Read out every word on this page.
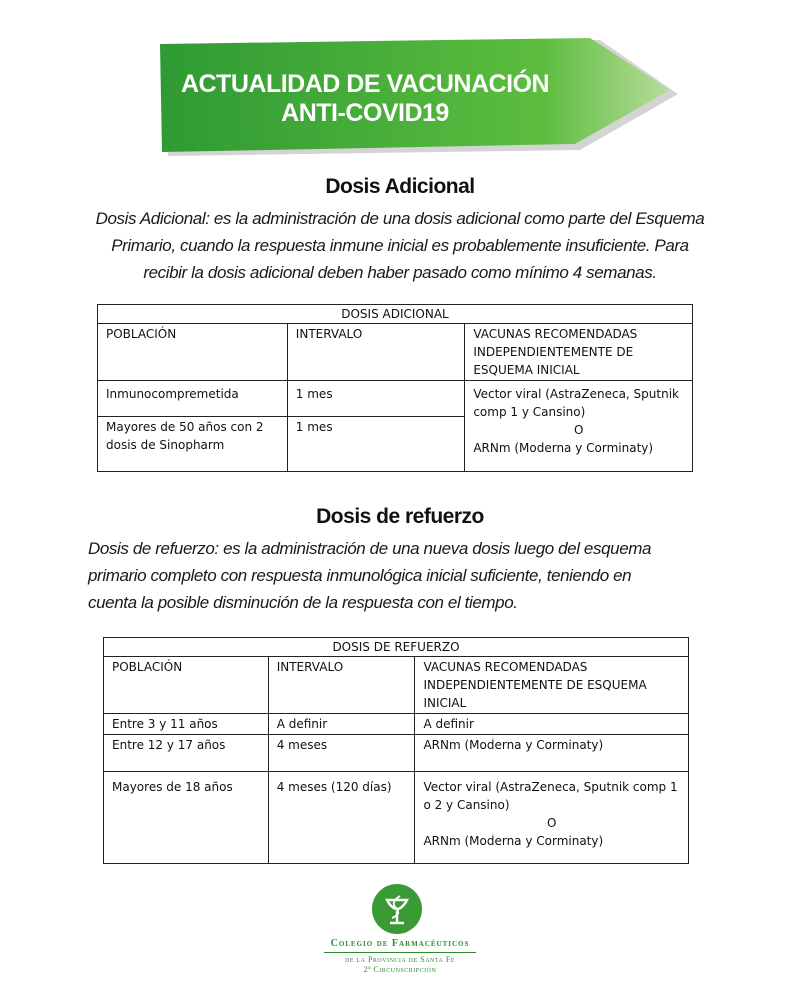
ACTUALIDAD DE VACUNACIÓN
ANTI-COVID19
Dosis Adicional
Dosis Adicional: es la administración de una dosis adicional como parte del Esquema
Primario, cuando la respuesta inmune inicial es probablemente insuficiente. Para
recibir la dosis adicional deben haber pasado como mínimo 4 semanas.
DOSIS ADICIONAL		
POBLACIÓN	INTERVALO	VACUNAS RECOMENDADAS INDEPENDIENTEMENTE DE ESQUEMA INICIAL
Inmunocompremetida	1 mes	Vector viral (AstraZeneca, Sputnik comp 1 y Cansino)
O
ARNm (Moderna y Corminaty)
Mayores de 50 años con 2 dosis de Sinopharm	1 mes	
Dosis de refuerzo
Dosis de refuerzo: es la administración de una nueva dosis luego del esquema
primario completo con respuesta inmunológica inicial suficiente, teniendo en
cuenta la posible disminución de la respuesta con el tiempo.
DOSIS DE REFUERZO		
POBLACIÓN	INTERVALO	VACUNAS RECOMENDADAS INDEPENDIENTEMENTE DE ESQUEMA INICIAL
Entre 3 y 11 años	A definir	A definir
Entre 12 y 17 años	4 meses	ARNm (Moderna y Corminaty)
Mayores de 18 años	4 meses (120 días)	Vector viral (AstraZeneca, Sputnik comp 1 o 2 y Cansino)
O
ARNm (Moderna y Corminaty)
Colegio de Farmacéuticos
de la Provincia de Santa Fe
2ª Circunscripción
